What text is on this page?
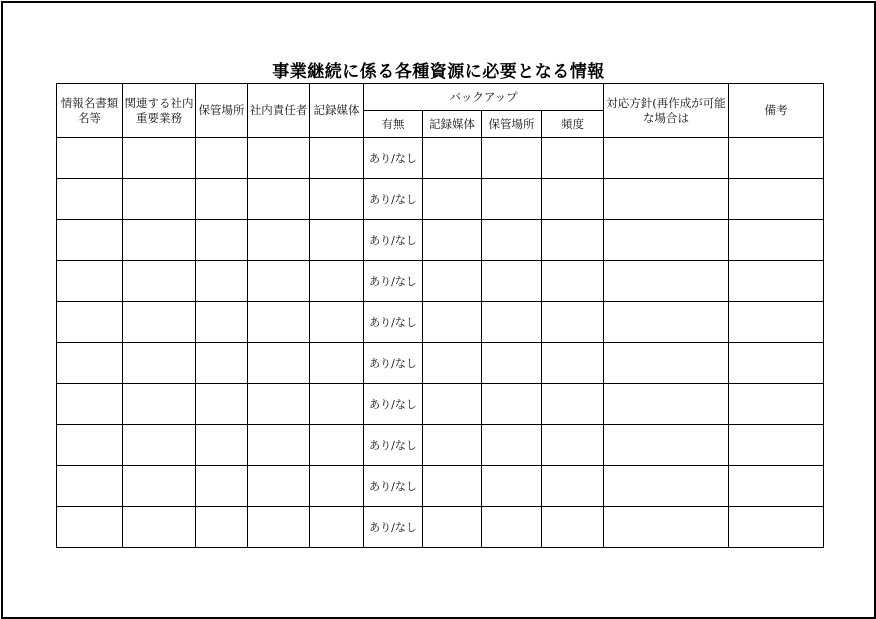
事業継続に係る各種資源に必要となる情報
情報名書類名等	関連する社内重要業務	保管場所	社内責任者	記録媒体	バックアップ				対応方針(再作成が可能な場合は	備考
					有無	記録媒体	保管場所	頻度		
					あり/なし					
					あり/なし					
					あり/なし					
					あり/なし					
					あり/なし					
					あり/なし					
					あり/なし					
					あり/なし					
					あり/なし					
					あり/なし					
